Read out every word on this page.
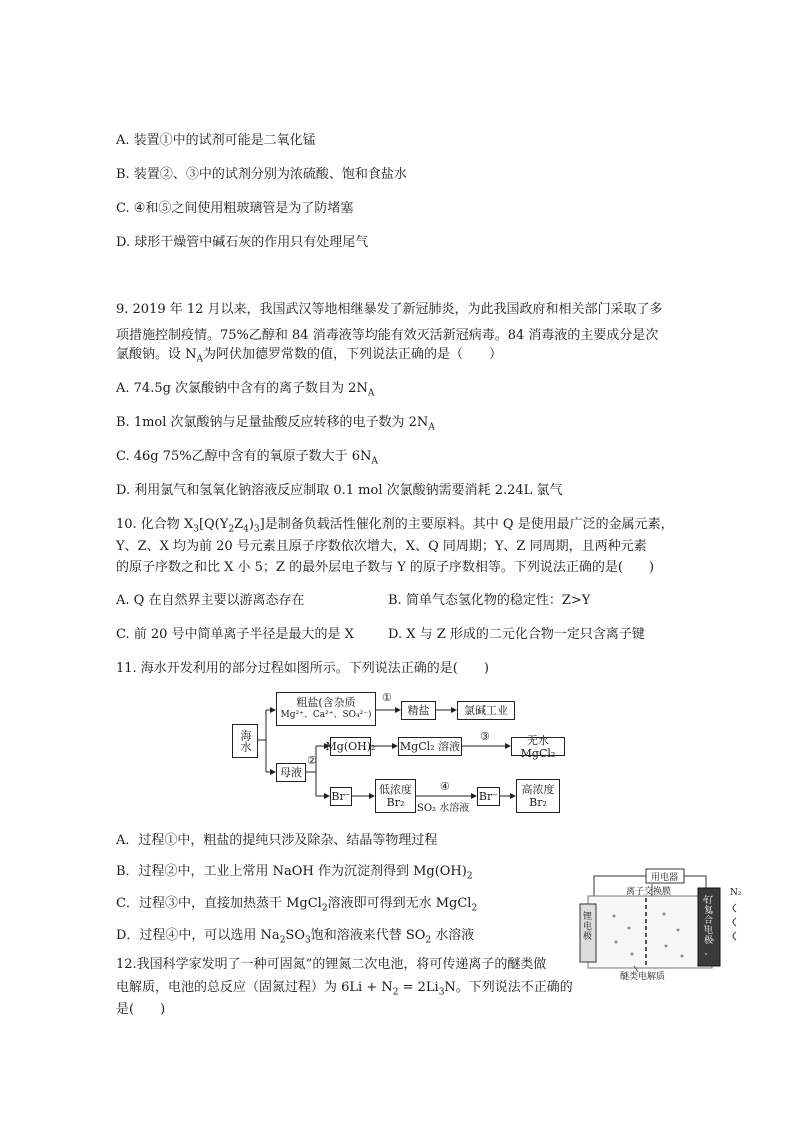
A. 装置①中的试剂可能是二氧化锰
B. 装置②、③中的试剂分别为浓硫酸、饱和食盐水
C. ④和⑤之间使用粗玻璃管是为了防堵塞
D. 球形干燥管中碱石灰的作用只有处理尾气
9. 2019 年 12 月以来，我国武汉等地相继暴发了新冠肺炎，为此我国政府和相关部门采取了多
项措施控制疫情。75%乙醇和 84 消毒液等均能有效灭活新冠病毒。84 消毒液的主要成分是次
氯酸钠。设 $N_A$为阿伏加德罗常数的值，下列说法正确的是（　　）
A. 74.5g 次氯酸钠中含有的离子数目为 $2N_A$
B. 1mol 次氯酸钠与足量盐酸反应转移的电子数为 $2N_A$
C. 46g 75%乙醇中含有的氧原子数大于 $6N_A$
D. 利用氯气和氢氧化钠溶液反应制取 0.1 mol 次氯酸钠需要消耗 2.24L 氯气
10. 化合物 $X_3[Q(Y_2Z_4)_3]$是制备负载活性催化剂的主要原料。其中 Q 是使用最广泛的金属元素，
Y、Z、X 均为前 20 号元素且原子序数依次增大，X、Q 同周期；Y、Z 同周期，且两种元素
的原子序数之和比 X 小 5；Z 的最外层电子数与 Y 的原子序数相等。下列说法正确的是(　　)
A. Q 在自然界主要以游离态存在	B. 简单气态氢化物的稳定性：Z>Y
C. 前 20 号中简单离子半径是最大的是 X	D. X 与 Z 形成的二元化合物一定只含离子键
11. 海水开发利用的部分过程如图所示。下列说法正确的是(　　)
海水
粗盐(含杂质
Mg²⁺、Ca²⁺、SO₄²⁻)
①
精盐	氯碱工业
母液
②
Mg(OH)₂ MgCl₂ 溶液
③	无水 MgCl₂
Br⁻
低浓度
Br₂
④
SO₂ 水溶液
Br⁻
高浓度
Br₂
A．过程①中，粗盐的提纯只涉及除杂、结晶等物理过程
B．过程②中，工业上常用 NaOH 作为沉淀剂得到 $Mg(OH)_2$
C．过程③中，直接加热蒸干 MgCl$_2$溶液即可得到无水 MgCl$_2$
D．过程④中，可以选用 $Na_2SO_3$饱和溶液来代替 $SO_2$ 水溶液
用电器
离子交换膜
锂电极
钌复合电极
N₂
醚类电解质
12.我国科学家发明了一种可固氮”的锂氮二次电池，将可传递离子的醚类做
电解质，电池的总反应（固氮过程）为 $6Li + N_2 = 2Li_3N$。下列说法不正确的
是(　　)
